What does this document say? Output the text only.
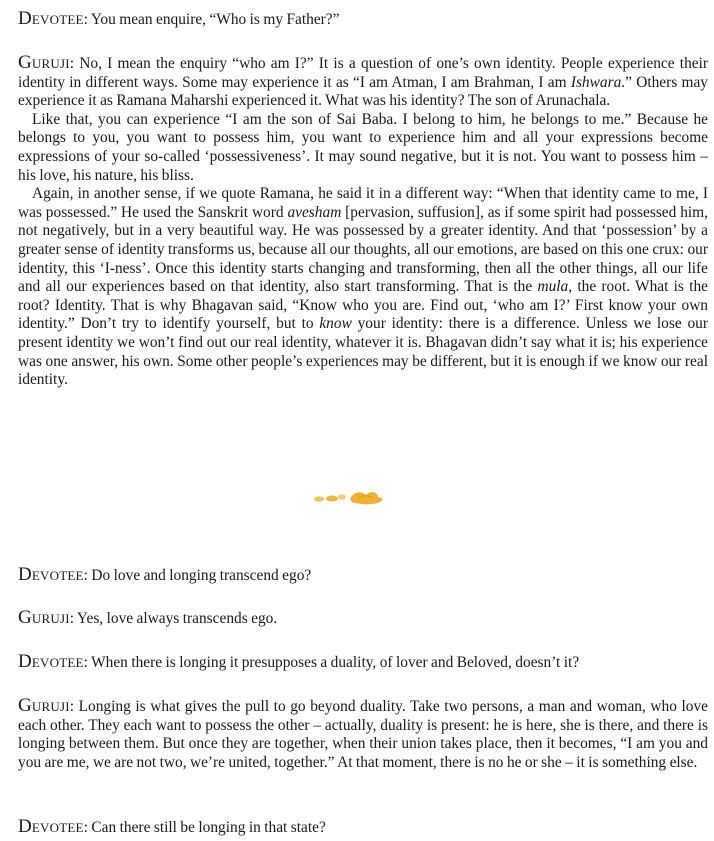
Devotee: You mean enquire, “Who is my Father?”

Guruji: No, I mean the enquiry “who am I?” It is a question of one’s own identity. People experience their identity in different ways. Some may experience it as “I am Atman, I am Brahman, I am Ishwara.” Others may experience it as Ramana Maharshi experienced it. What was his identity? The son of Arunachala.

Like that, you can experience “I am the son of Sai Baba. I belong to him, he belongs to me.” Because he belongs to you, you want to possess him, you want to experience him and all your expressions become expressions of your so-called ‘possessiveness’. It may sound negative, but it is not. You want to possess him – his love, his nature, his bliss.

Again, in another sense, if we quote Ramana, he said it in a different way: “When that identity came to me, I was possessed.” He used the Sanskrit word avesham [pervasion, suffusion], as if some spirit had possessed him, not negatively, but in a very beautiful way. He was possessed by a greater identity. And that ‘possession’ by a greater sense of identity transforms us, because all our thoughts, all our emotions, are based on this one crux: our identity, this ‘I-ness’. Once this identity starts changing and transforming, then all the other things, all our life and all our experiences based on that identity, also start transforming. That is the mula, the root. What is the root? Identity. That is why Bhagavan said, “Know who you are. Find out, ‘who am I?’ First know your own identity.” Don’t try to identify yourself, but to know your identity: there is a difference. Unless we lose our present identity we won’t find out our real identity, whatever it is. Bhagavan didn’t say what it is; his experience was one answer, his own. Some other people’s experiences may be different, but it is enough if we know our real identity.

Devotee: Do love and longing transcend ego?

Guruji: Yes, love always transcends ego.

Devotee: When there is longing it presupposes a duality, of lover and Beloved, doesn’t it?

Guruji: Longing is what gives the pull to go beyond duality. Take two persons, a man and woman, who love each other. They each want to possess the other – actually, duality is present: he is here, she is there, and there is longing between them. But once they are together, when their union takes place, then it becomes, “I am you and you are me, we are not two, we’re united, together.” At that moment, there is no he or she – it is something else.

Devotee: Can there still be longing in that state?
